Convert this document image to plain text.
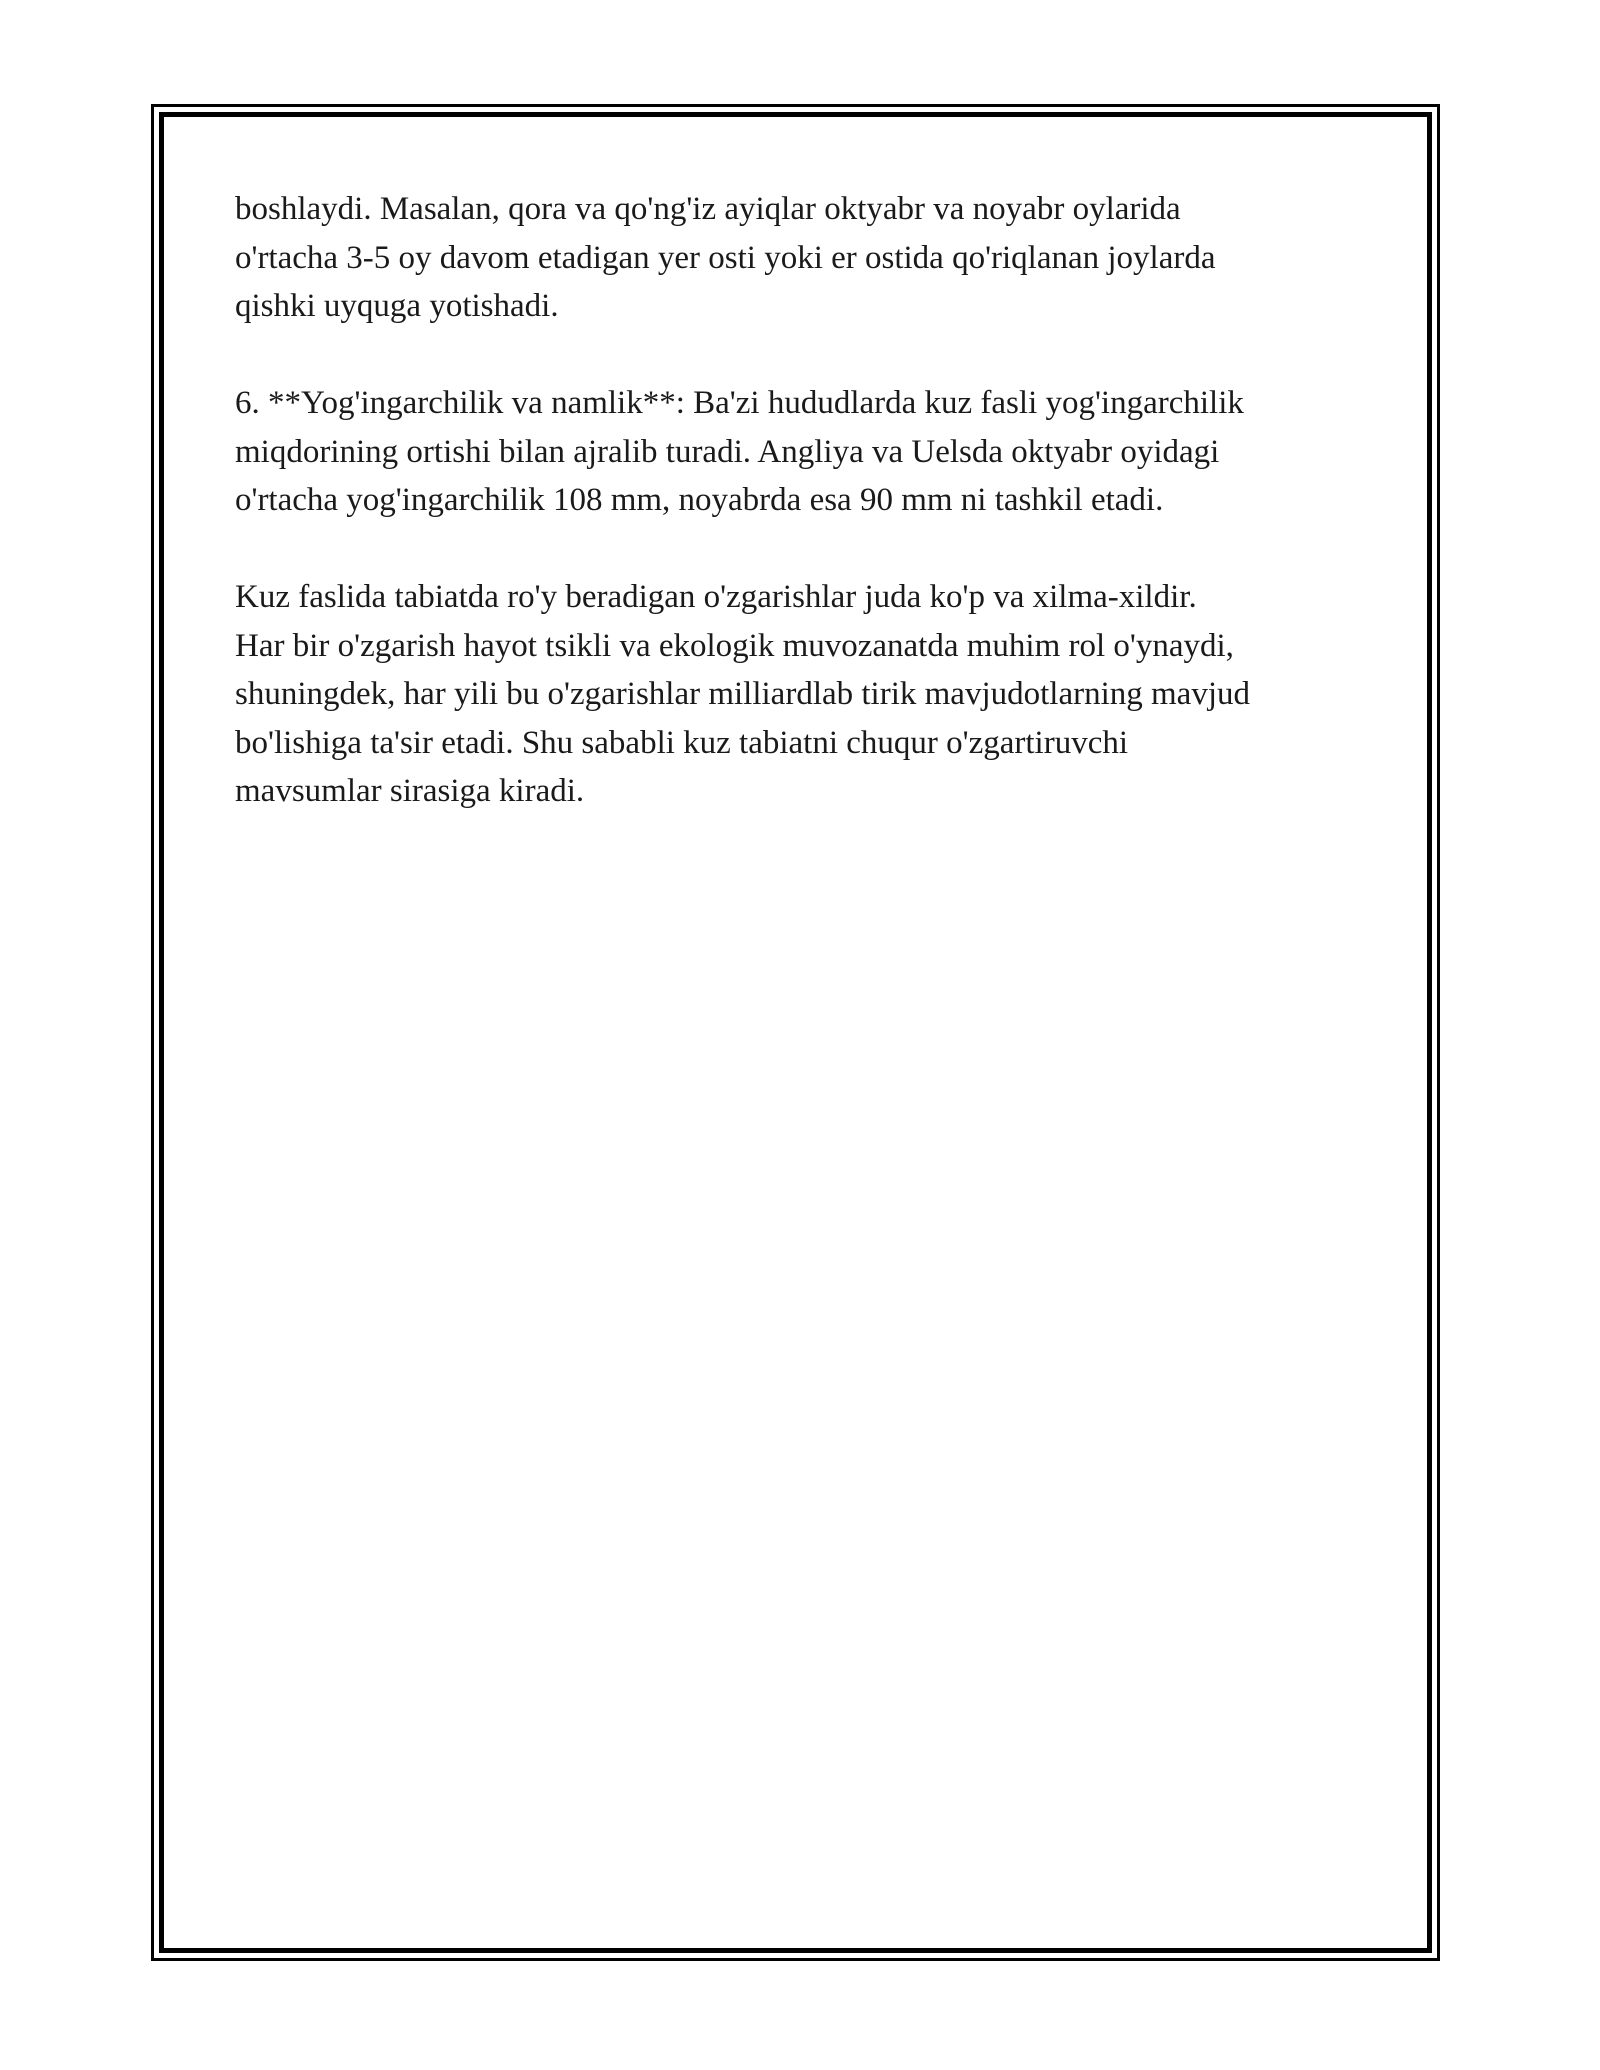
boshlaydi. Masalan, qora va qo'ng'iz ayiqlar oktyabr va noyabr oylarida
o'rtacha 3-5 oy davom etadigan yer osti yoki er ostida qo'riqlanan joylarda
qishki uyquga yotishadi.

6. **Yog'ingarchilik va namlik**: Ba'zi hududlarda kuz fasli yog'ingarchilik
miqdorining ortishi bilan ajralib turadi. Angliya va Uelsda oktyabr oyidagi
o'rtacha yog'ingarchilik 108 mm, noyabrda esa 90 mm ni tashkil etadi.

Kuz faslida tabiatda ro'y beradigan o'zgarishlar juda ko'p va xilma-xildir.
Har bir o'zgarish hayot tsikli va ekologik muvozanatda muhim rol o'ynaydi,
shuningdek, har yili bu o'zgarishlar milliardlab tirik mavjudotlarning mavjud
bo'lishiga ta'sir etadi. Shu sababli kuz tabiatni chuqur o'zgartiruvchi
mavsumlar sirasiga kiradi.
